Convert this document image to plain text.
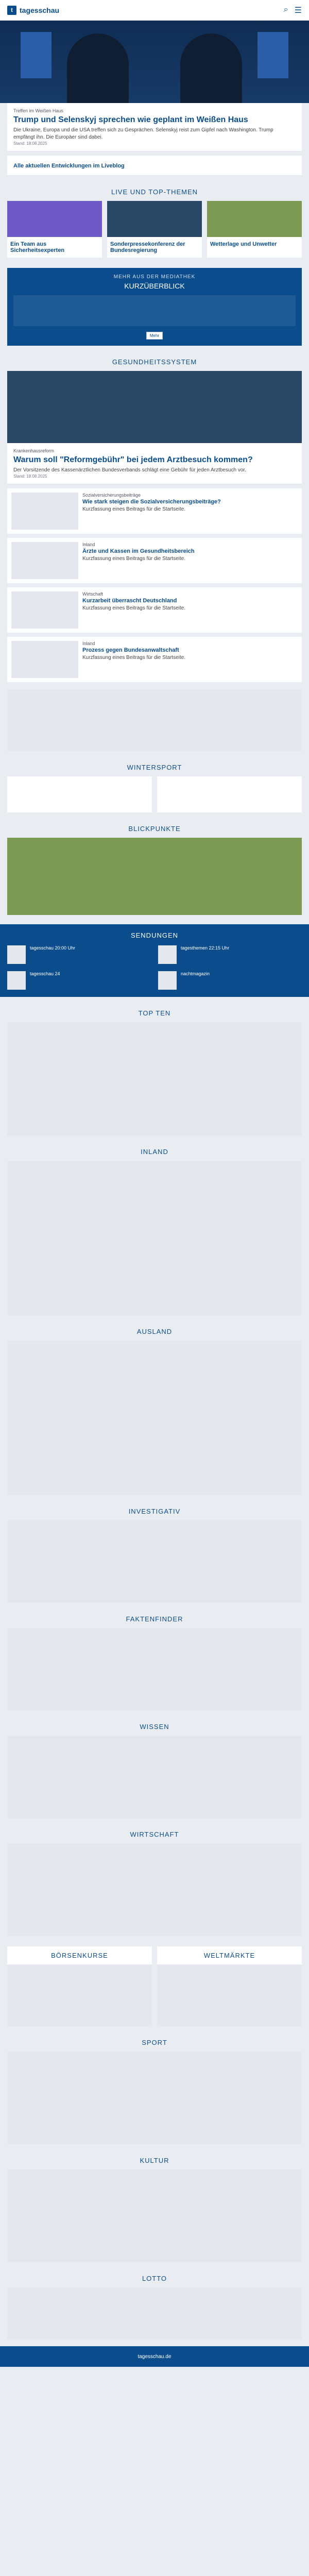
t tagesschau	⌕ ☰
Treffen im Weißen Haus
Trump und Selenskyj sprechen wie geplant im Weißen Haus
Die Ukraine, Europa und die USA treffen sich zu Gesprächen. Selenskyj reist zum Gipfel nach Washington. Trump empfängt ihn. Die Europäer sind dabei.
Stand: 18.08.2025
Alle aktuellen Entwicklungen im Liveblog
LIVE UND TOP-THEMEN
Ein Team aus Sicherheitsexperten
Sonderpressekonferenz der Bundesregierung
Wetterlage und Unwetter
MEHR AUS DER MEDIATHEK
KURZÜBERBLICK
Mehr
GESUNDHEITSSYSTEM
Krankenhausreform
Warum soll "Reformgebühr" bei jedem Arztbesuch kommen?
Der Vorsitzende des Kassenärztlichen Bundesverbands schlägt eine Gebühr für jeden Arztbesuch vor.
Stand: 18.08.2025
Sozialversicherungsbeiträge
Wie stark steigen die Sozialversicherungsbeiträge?
Kurzfassung eines Beitrags für die Startseite.
Inland
Ärzte und Kassen im Gesundheitsbereich
Kurzfassung eines Beitrags für die Startseite.
Wirtschaft
Kurzarbeit überrascht Deutschland
Kurzfassung eines Beitrags für die Startseite.
Inland
Prozess gegen Bundesanwaltschaft
Kurzfassung eines Beitrags für die Startseite.
WINTERSPORT
BLICKPUNKTE
SENDUNGEN
tagesschau 20:00 Uhr	tagesthemen 22:15 Uhr
tagesschau 24	nachtmagazin
TOP TEN
INLAND
AUSLAND
INVESTIGATIV
FAKTENFINDER
WISSEN
WIRTSCHAFT
BÖRSENKURSE	WELTMÄRKTE
SPORT
KULTUR
LOTTO
tagesschau.de
